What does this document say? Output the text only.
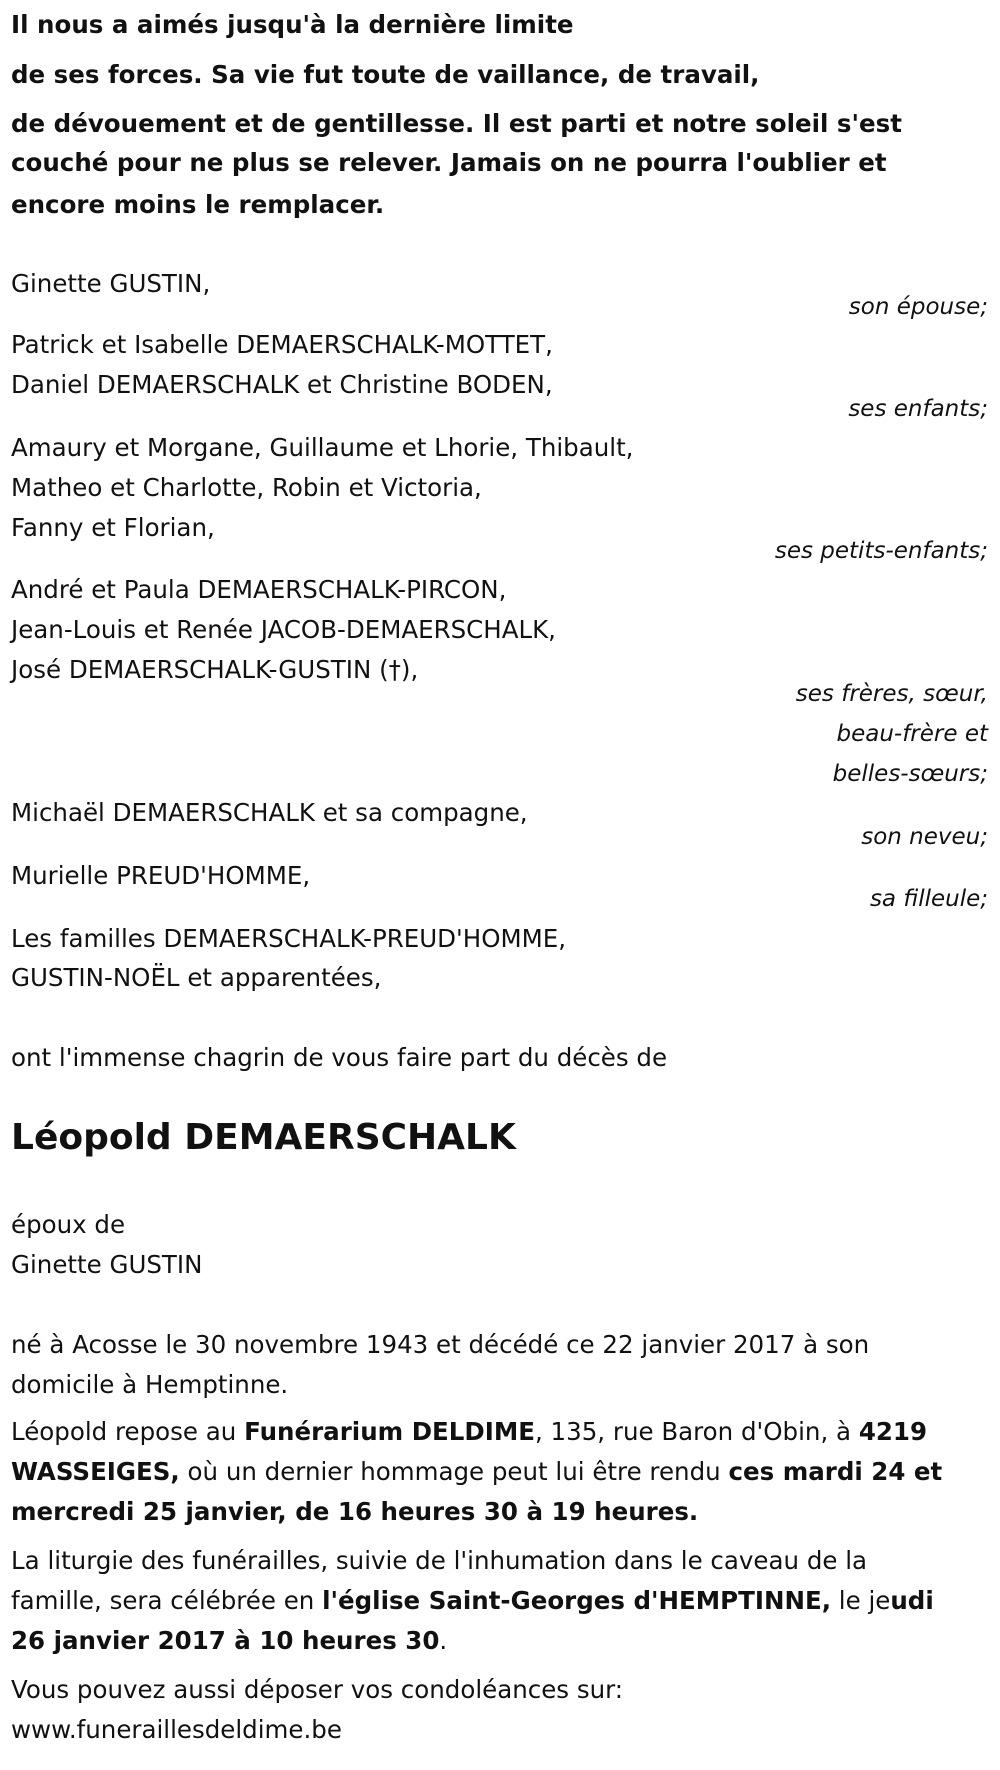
Il nous a aimés jusqu'à la dernière limite
de ses forces. Sa vie fut toute de vaillance, de travail,
de dévouement et de gentillesse. Il est parti et notre soleil s'est
couché pour ne plus se relever. Jamais on ne pourra l'oublier et
encore moins le remplacer.
Ginette GUSTIN,
son épouse;
Patrick et Isabelle DEMAERSCHALK-MOTTET,
Daniel DEMAERSCHALK et Christine BODEN,
ses enfants;
Amaury et Morgane, Guillaume et Lhorie, Thibault,
Matheo et Charlotte, Robin et Victoria,
Fanny et Florian,
ses petits-enfants;
André et Paula DEMAERSCHALK-PIRCON,
Jean-Louis et Renée JACOB-DEMAERSCHALK,
José DEMAERSCHALK-GUSTIN (†),
ses frères, sœur,
beau-frère et
belles-sœurs;
Michaël DEMAERSCHALK et sa compagne,
son neveu;
Murielle PREUD'HOMME,
sa filleule;
Les familles DEMAERSCHALK-PREUD'HOMME,
GUSTIN-NOËL et apparentées,
ont l'immense chagrin de vous faire part du décès de
Léopold DEMAERSCHALK
époux de
Ginette GUSTIN
né à Acosse le 30 novembre 1943 et décédé ce 22 janvier 2017 à son
domicile à Hemptinne.
Léopold repose au Funérarium DELDIME, 135, rue Baron d'Obin, à 4219
WASSEIGES, où un dernier hommage peut lui être rendu ces mardi 24 et
mercredi 25 janvier, de 16 heures 30 à 19 heures.
La liturgie des funérailles, suivie de l'inhumation dans le caveau de la
famille, sera célébrée en l'église Saint-Georges d'HEMPTINNE, le jeudi
26 janvier 2017 à 10 heures 30.
Vous pouvez aussi déposer vos condoléances sur:
www.funeraillesdeldime.be
